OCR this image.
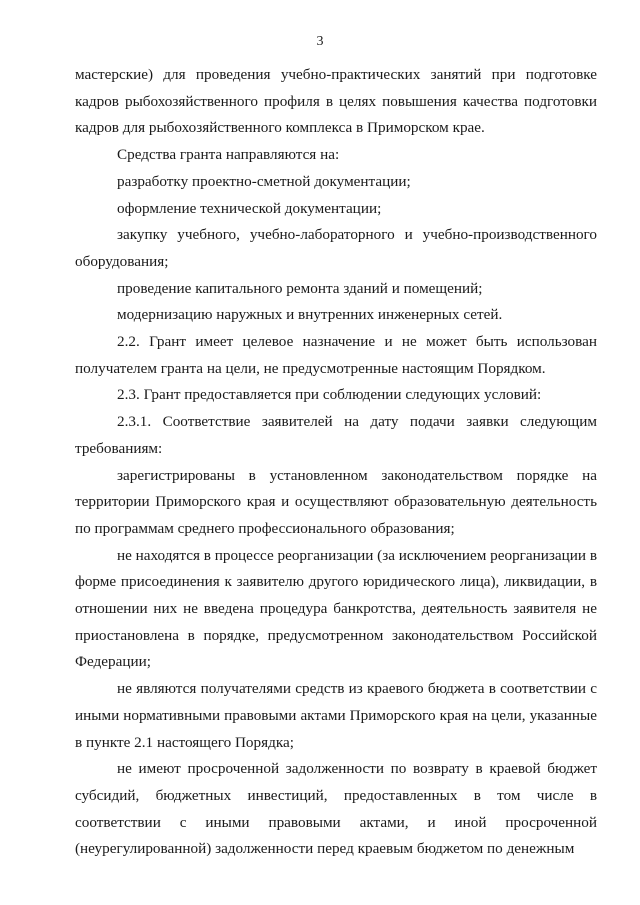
3

мастерские) для проведения учебно-практических занятий при подготовке кадров рыбохозяйственного профиля в целях повышения качества подготовки кадров для рыбохозяйственного комплекса в Приморском крае.

Средства гранта направляются на:

разработку проектно-сметной документации;

оформление технической документации;

закупку учебного, учебно-лабораторного и учебно-производственного оборудования;

проведение капитального ремонта зданий и помещений;

модернизацию наружных и внутренних инженерных сетей.

2.2. Грант имеет целевое назначение и не может быть использован получателем гранта на цели, не предусмотренные настоящим Порядком.

2.3. Грант предоставляется при соблюдении следующих условий:

2.3.1. Соответствие заявителей на дату подачи заявки следующим требованиям:

зарегистрированы в установленном законодательством порядке на территории Приморского края и осуществляют образовательную деятельность по программам среднего профессионального образования;

не находятся в процессе реорганизации (за исключением реорганизации в форме присоединения к заявителю другого юридического лица), ликвидации, в отношении них не введена процедура банкротства, деятельность заявителя не приостановлена в порядке, предусмотренном законодательством Российской Федерации;

не являются получателями средств из краевого бюджета в соответствии с иными нормативными правовыми актами Приморского края на цели, указанные в пункте 2.1 настоящего Порядка;

не имеют просроченной задолженности по возврату в краевой бюджет субсидий, бюджетных инвестиций, предоставленных в том числе в соответствии с иными правовыми актами, и иной просроченной (неурегулированной) задолженности перед краевым бюджетом по денежным
